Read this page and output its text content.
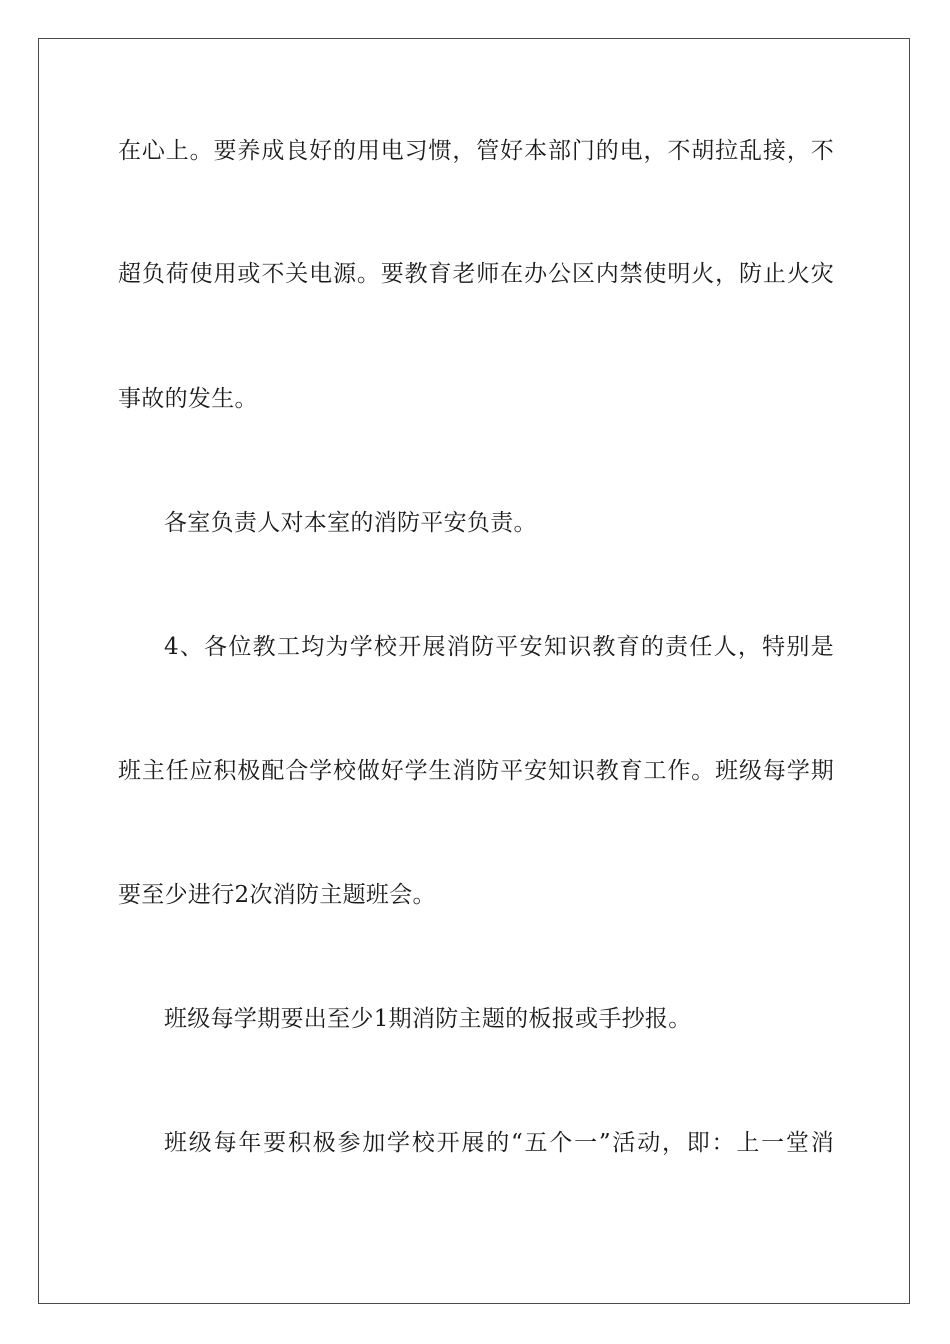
在心上。要养成良好的用电习惯，管好本部门的电，不胡拉乱接，不

超负荷使用或不关电源。要教育老师在办公区内禁使明火，防止火灾

事故的发生。

各室负责人对本室的消防平安负责。

4、各位教工均为学校开展消防平安知识教育的责任人，特别是

班主任应积极配合学校做好学生消防平安知识教育工作。班级每学期

要至少进行2次消防主题班会。

班级每学期要出至少1期消防主题的板报或手抄报。

班级每年要积极参加学校开展的“五个一”活动，即：上一堂消
